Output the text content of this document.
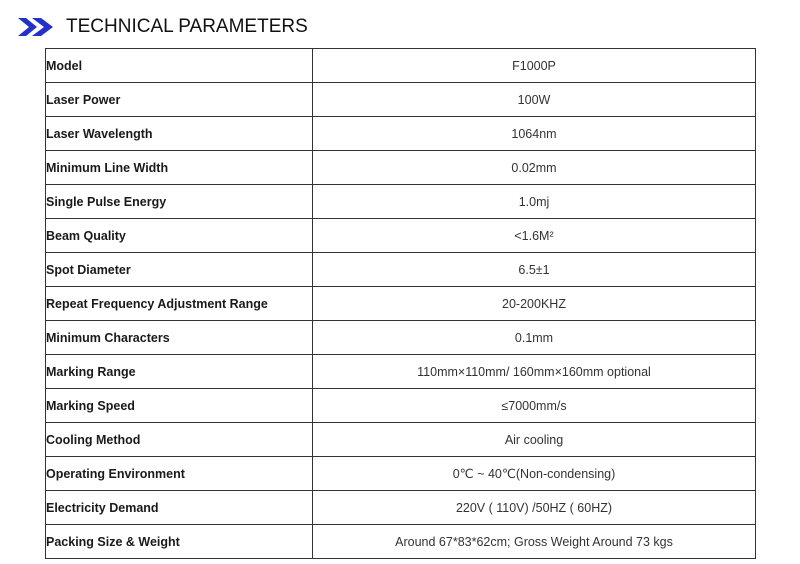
TECHNICAL PARAMETERS
Model	F1000P
Laser Power	100W
Laser Wavelength	1064nm
Minimum Line Width	0.02mm
Single Pulse Energy	1.0mj
Beam Quality	<1.6M²
Spot Diameter	6.5±1
Repeat Frequency Adjustment Range	20-200KHZ
Minimum Characters	0.1mm
Marking Range	110mm×110mm/ 160mm×160mm optional
Marking Speed	≤7000mm/s
Cooling Method	Air cooling
Operating Environment	0℃ ~ 40℃(Non-condensing)
Electricity Demand	220V ( 110V) /50HZ ( 60HZ)
Packing Size & Weight	Around 67*83*62cm; Gross Weight Around 73 kgs
